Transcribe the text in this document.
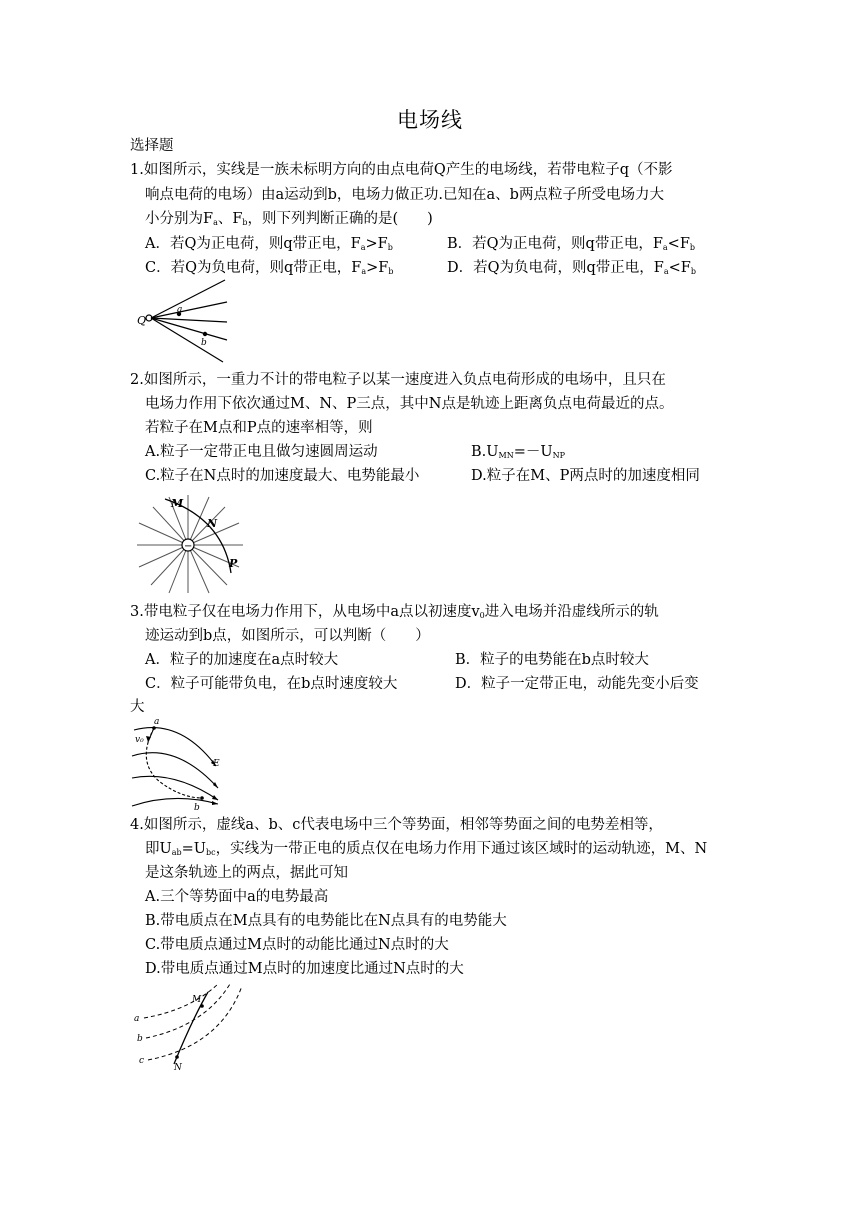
电场线
选择题
1.如图所示，实线是一族未标明方向的由点电荷Q产生的电场线，若带电粒子q（不影
响点电荷的电场）由a运动到b，电场力做正功.已知在a、b两点粒子所受电场力大
小分别为$F_a$、$F_b$，则下列判断正确的是(　　)
A．若Q为正电荷，则q带正电，$F_a>F_b$	B．若Q为正电荷，则q带正电，$F_a<F_b$
C．若Q为负电荷，则q带正电，$F_a>F_b$	D．若Q为负电荷，则q带正电，$F_a<F_b$
Q
a
b
2.如图所示，一重力不计的带电粒子以某一速度进入负点电荷形成的电场中，且只在
电场力作用下依次通过M、N、P三点，其中N点是轨迹上距离负点电荷最近的点。
若粒子在M点和P点的速率相等，则
A.粒子一定带正电且做匀速圆周运动	$B.U_{MN}=-U_{NP}$
C.粒子在N点时的加速度最大、电势能最小	D.粒子在M、P两点时的加速度相同
−
M
N
P
3.带电粒子仅在电场力作用下，从电场中a点以初速度$v_0$进入电场并沿虚线所示的轨
迹运动到b点，如图所示，可以判断（　　）
A．粒子的加速度在a点时较大	B．粒子的电势能在b点时较大
C．粒子可能带负电，在b点时速度较大	D．粒子一定带正电，动能先变小后变
大
a
v₀
E
b
4.如图所示，虚线a、b、c代表电场中三个等势面，相邻等势面之间的电势差相等，
即$U_{ab}=U_{bc}$，实线为一带正电的质点仅在电场力作用下通过该区域时的运动轨迹，M、N
是这条轨迹上的两点，据此可知
A.三个等势面中a的电势最高
B.带电质点在M点具有的电势能比在N点具有的电势能大
C.带电质点通过M点时的动能比通过N点时的大
D.带电质点通过M点时的加速度比通过N点时的大
a
b
c
M
N
